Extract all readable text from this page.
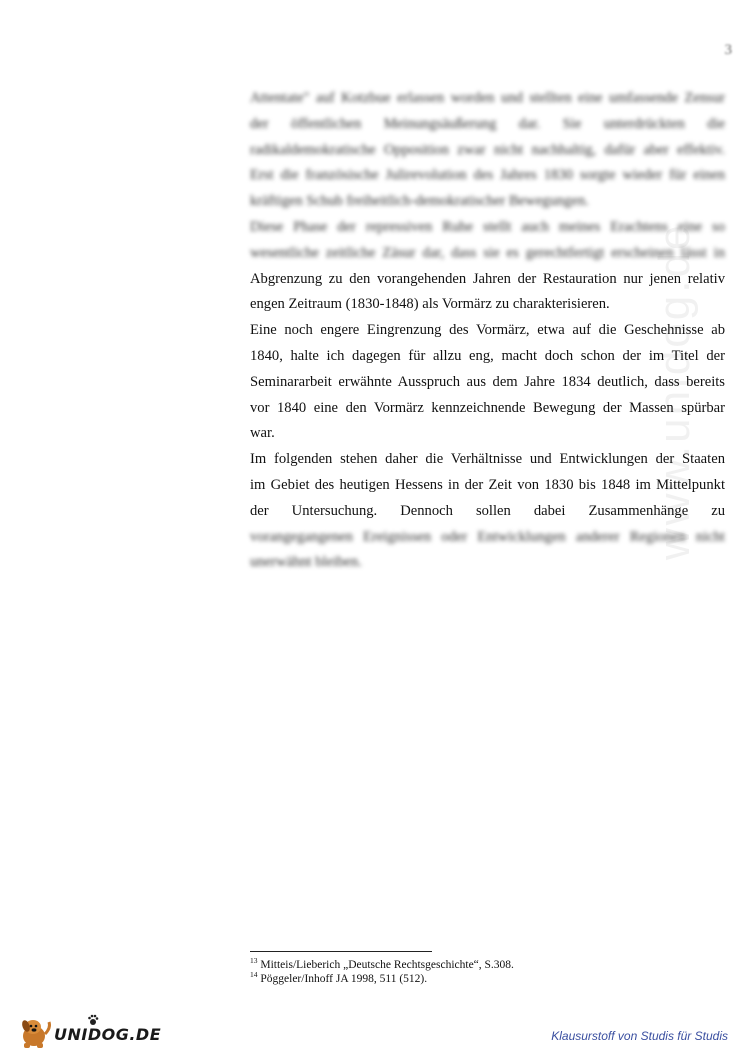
3
www.unidog.de
Attentate" auf Kotzbue erlassen worden und stellten eine umfassende Zensur
der öffentlichen Meinungsäußerung dar. Sie unterdrückten die
radikaldemokratische Opposition zwar nicht nachhaltig, dafür aber effektiv.
Erst die französische Julirevolution des Jahres 1830 sorgte wieder für einen
kräftigen Schub freiheitlich-demokratischer Bewegungen.
Diese Phase der repressiven Ruhe stellt auch meines Erachtens eine so
wesentliche zeitliche Zäsur dar, dass sie es gerechtfertigt erscheinen lässt in
Abgrenzung zu den vorangehenden Jahren der Restauration nur jenen relativ
engen Zeitraum (1830-1848) als Vormärz zu charakterisieren.
Eine noch engere Eingrenzung des Vormärz, etwa auf die Geschehnisse ab
1840, halte ich dagegen für allzu eng, macht doch schon der im Titel der
Seminararbeit erwähnte Ausspruch aus dem Jahre 1834 deutlich, dass bereits
vor 1840 eine den Vormärz kennzeichnende Bewegung der Massen spürbar
war.
Im folgenden stehen daher die Verhältnisse und Entwicklungen der Staaten
im Gebiet des heutigen Hessens in der Zeit von 1830 bis 1848 im Mittelpunkt
der Untersuchung. Dennoch sollen dabei Zusammenhänge zu
vorangegangenen Ereignissen oder Entwicklungen anderer Regionen nicht
unerwähnt bleiben.
$^{13}$ Mitteis/Lieberich „Deutsche Rechtsgeschichte“, S.308.
$^{14}$ Pöggeler/Inhoff JA 1998, 511 (512).
UNIDOG.DE	Klausurstoff von Studis für Studis
